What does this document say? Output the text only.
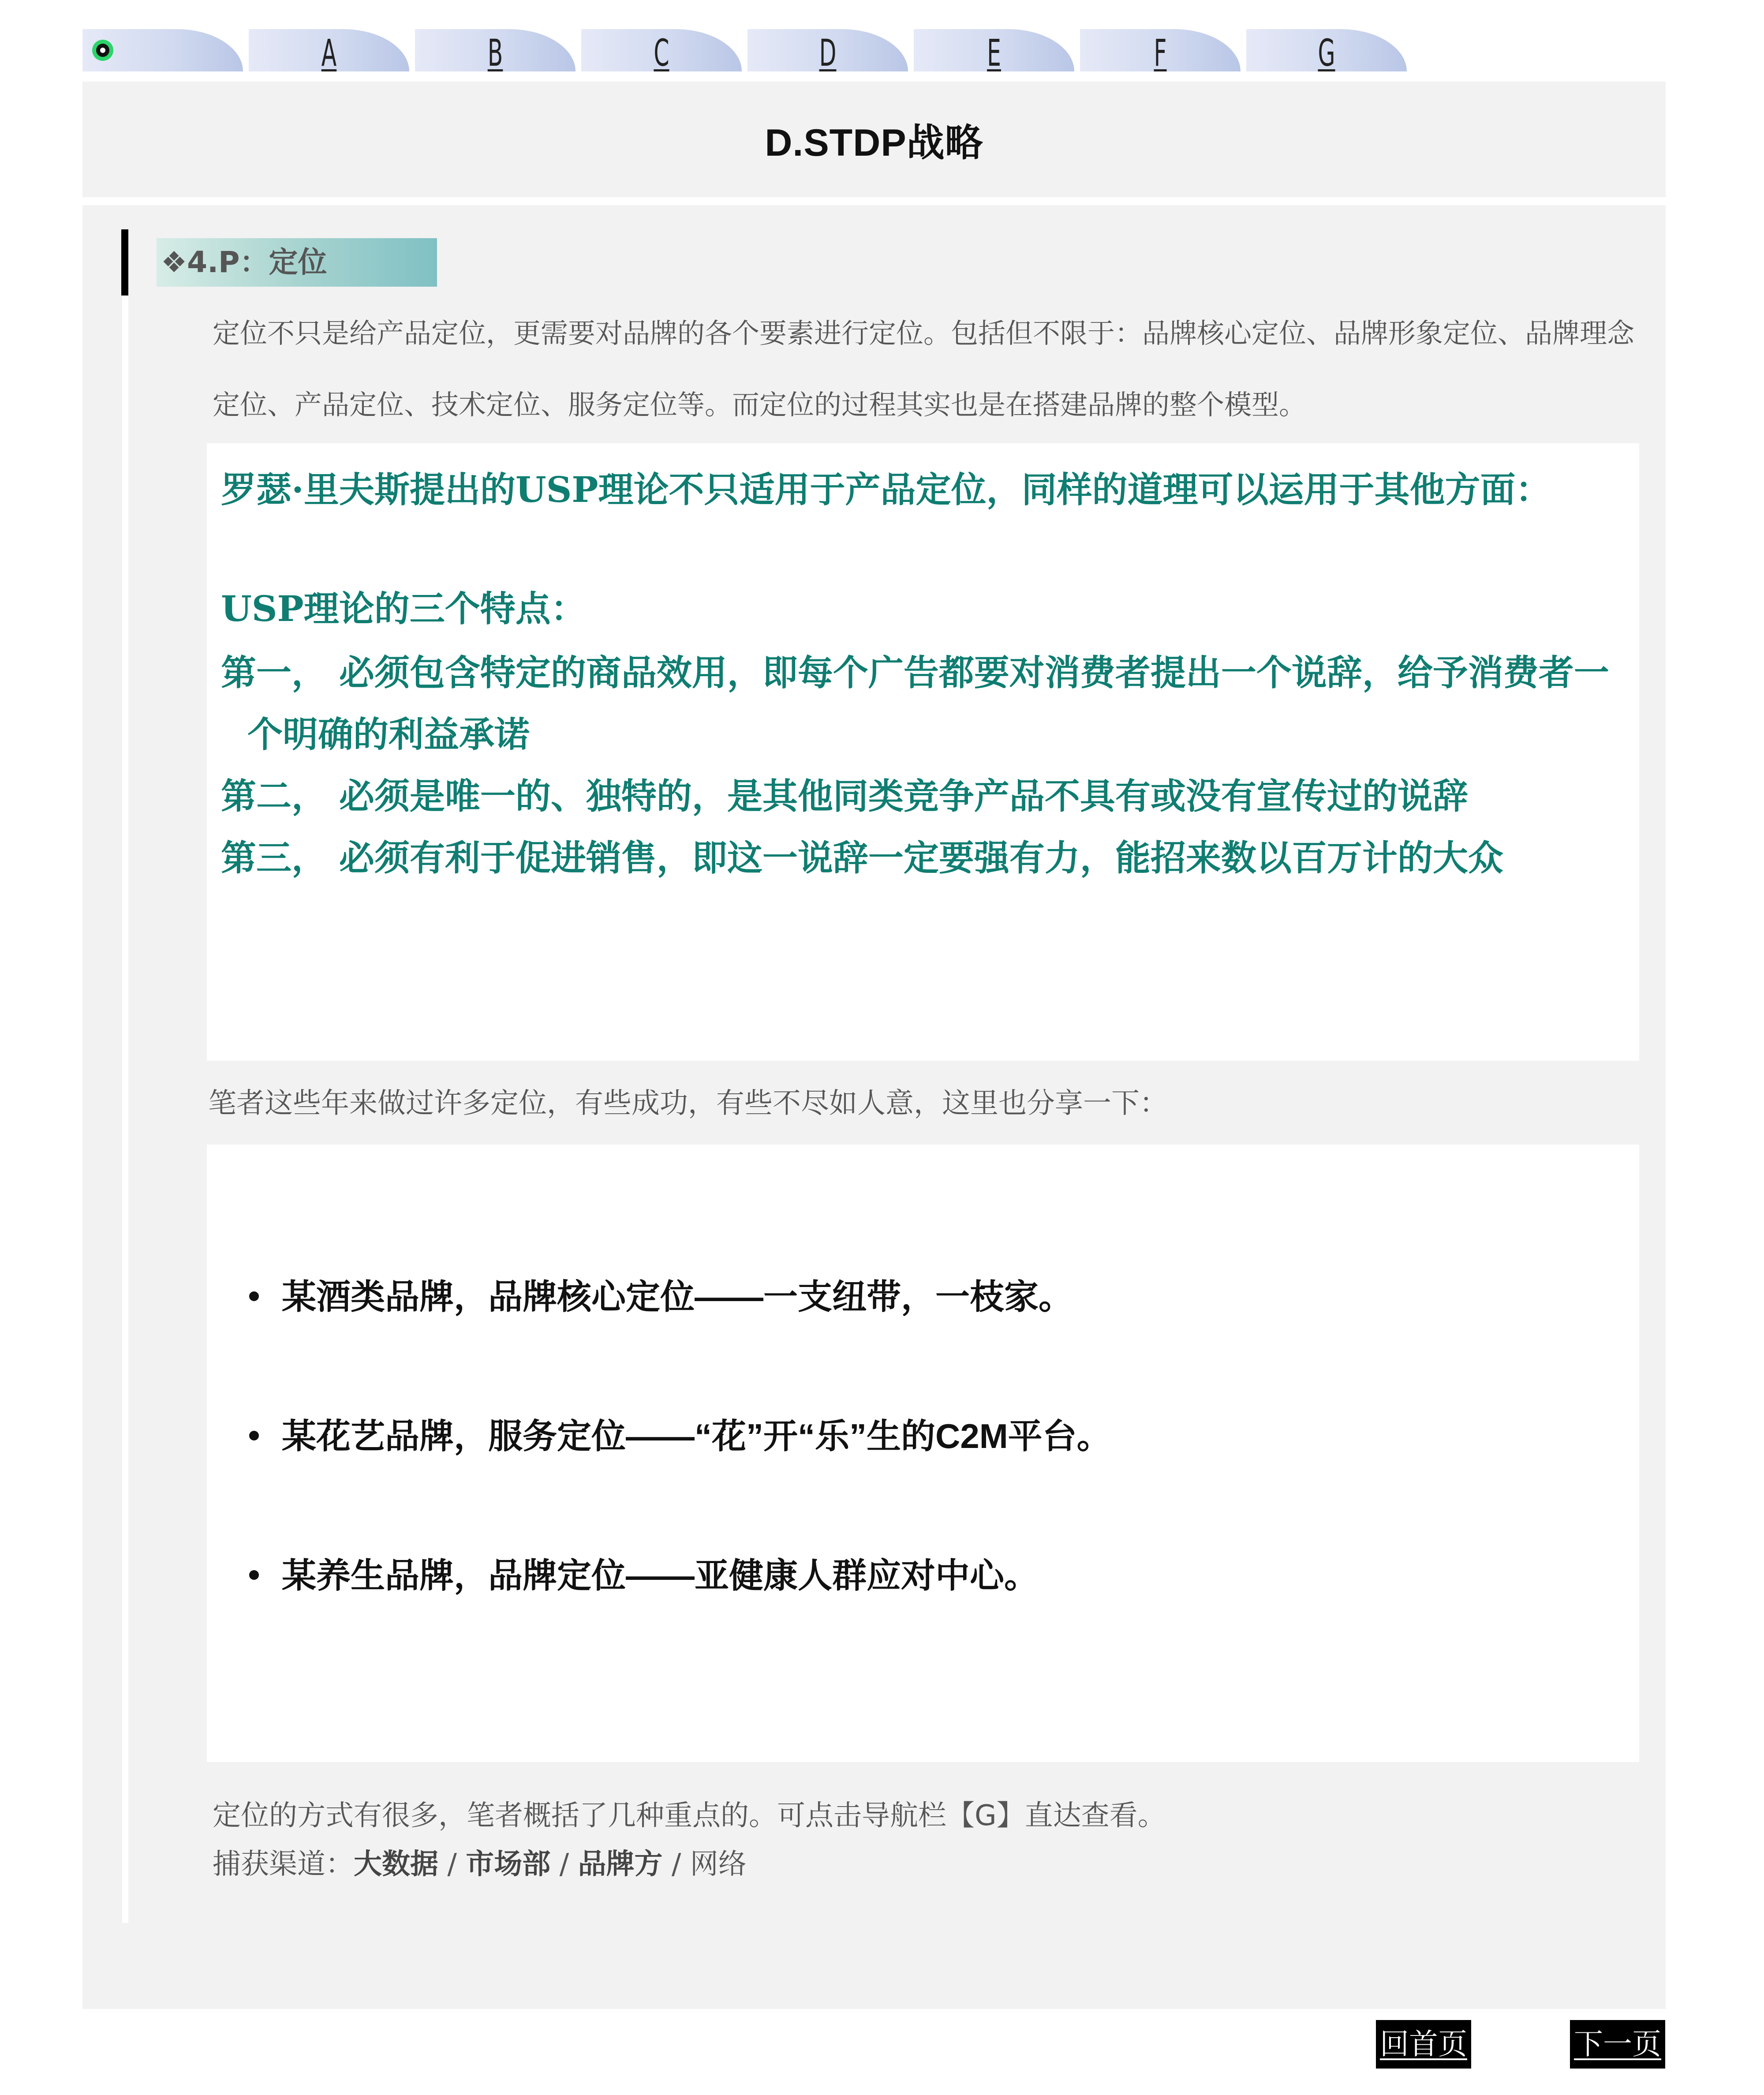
A	B	C	D	E	F	G
D.STDP战略
❖4.P：定位
定位不只是给产品定位，更需要对品牌的各个要素进行定位。包括但不限于：品牌核心定位、品牌形象定位、品牌理念定位、产品定位、技术定位、服务定位等。而定位的过程其实也是在搭建品牌的整个模型。

罗瑟·里夫斯提出的USP理论不只适用于产品定位，同样的道理可以运用于其他方面：

USP理论的三个特点：

第一， 必须包含特定的商品效用，即每个广告都要对消费者提出一个说辞，给予消费者一个明确的利益承诺

第二， 必须是唯一的、独特的，是其他同类竞争产品不具有或没有宣传过的说辞

第三， 必须有利于促进销售，即这一说辞一定要强有力，能招来数以百万计的大众

笔者这些年来做过许多定位，有些成功，有些不尽如人意，这里也分享一下：
某酒类品牌，品牌核心定位——一支纽带，一枝家。
某花艺品牌，服务定位——“花”开“乐”生的C2M平台。
某养生品牌，品牌定位——亚健康人群应对中心。
定位的方式有很多，笔者概括了几种重点的。可点击导航栏【G】直达查看。
捕获渠道：大数据 / 市场部 / 品牌方 / 网络
回首页	下一页
